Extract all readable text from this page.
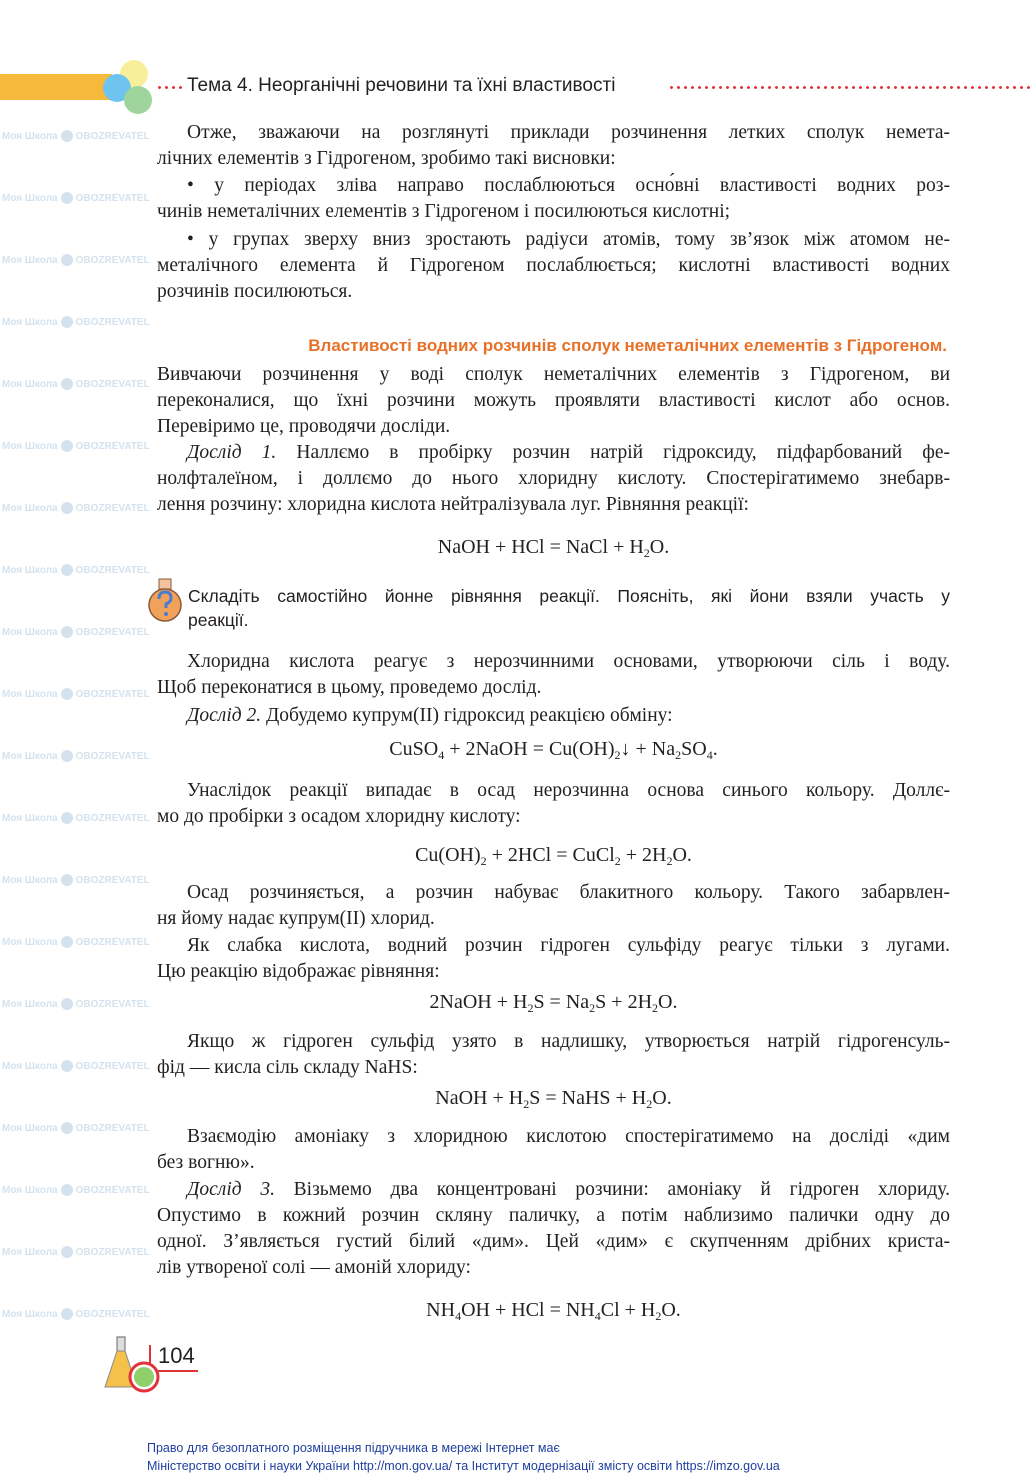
Моя Школа OBOZREVATEL
Моя Школа OBOZREVATEL
Моя Школа OBOZREVATEL
Моя Школа OBOZREVATEL
Моя Школа OBOZREVATEL
Моя Школа OBOZREVATEL
Моя Школа OBOZREVATEL
Моя Школа OBOZREVATEL
Моя Школа OBOZREVATEL
Моя Школа OBOZREVATEL
Моя Школа OBOZREVATEL
Моя Школа OBOZREVATEL
Моя Школа OBOZREVATEL
Моя Школа OBOZREVATEL
Моя Школа OBOZREVATEL
Моя Школа OBOZREVATEL
Моя Школа OBOZREVATEL
Моя Школа OBOZREVATEL
Моя Школа OBOZREVATEL
Моя Школа OBOZREVATEL
Тема 4. Неорганічні речовини та їхні властивості
Отже, зважаючи на розглянуті приклади розчинення летких сполук немета-
лічних елементів з Гідрогеном, зробимо такі висновки:
• у періодах зліва направо послаблюються осно́вні властивості водних роз-
чинів неметалічних елементів з Гідрогеном і посилюються кислотні;
• у групах зверху вниз зростають радіуси атомів, тому зв’язок між атомом не-
металічного елемента й Гідрогеном послаблюється; кислотні властивості водних
розчинів посилюються.
Властивості водних розчинів сполук неметалічних елементів з Гідрогеном.
Вивчаючи розчинення у воді сполук неметалічних елементів з Гідрогеном, ви
переконалися, що їхні розчини можуть проявляти властивості кислот або основ.
Перевіримо це, проводячи досліди.
Дослід 1. Наллємо в пробірку розчин натрій гідроксиду, підфарбований фе-
нолфталеїном, і доллємо до нього хлоридну кислоту. Спостерігатимемо знебарв-
лення розчину: хлоридна кислота нейтралізувала луг. Рівняння реакції:
NaOH + HCl = NaCl + $H_2O$.
Складіть самостійно йонне рівняння реакції. Поясніть, які йони взяли участь у
реакції.
Хлоридна кислота реагує з нерозчинними основами, утворюючи сіль і воду.
Щоб переконатися в цьому, проведемо дослід.
Дослід 2. Добудемо купрум(II) гідроксид реакцією обміну:
CuSO$_4$ + 2NaOH = $Cu(OH)_2↓ + Na_2SO_4$.
Унаслідок реакції випадає в осад нерозчинна основа синього кольору. Доллє-
мо до пробірки з осадом хлоридну кислоту:
$Cu(OH)_2 + 2HCl$ = CuCl$_2$ + $2H_2O$.
Осад розчиняється, а розчин набуває блакитного кольору. Такого забарвлен-
ня йому надає купрум(II) хлорид.
Як слабка кислота, водний розчин гідроген сульфіду реагує тільки з лугами.
Цю реакцію відображає рівняння:
2NaOH + $H_2S = Na_2S + 2H_2O$.
Якщо ж гідроген сульфід узято в надлишку, утворюється натрій гідрогенсуль-
фід — кисла сіль складу NaHS:
NaOH + $H_2S$ = NaHS + $H_2O$.
Взаємодію амоніаку з хлоридною кислотою спостерігатимемо на досліді «дим
без вогню».
Дослід 3. Візьмемо два концентровані розчини: амоніаку й гідроген хлориду.
Опустимо в кожний розчин скляну паличку, а потім наблизимо палички одну до
одної. З’являється густий білий «дим». Цей «дим» є скупченням дрібних криста-
лів утвореної солі — амоній хлориду:
$NH_4OH$ + HCl = $NH_4Cl + H_2O$.
104
Право для безоплатного розміщення підручника в мережі Інтернет має
Міністерство освіти і науки України http://mon.gov.ua/ та Інститут модернізації змісту освіти https://imzo.gov.ua
